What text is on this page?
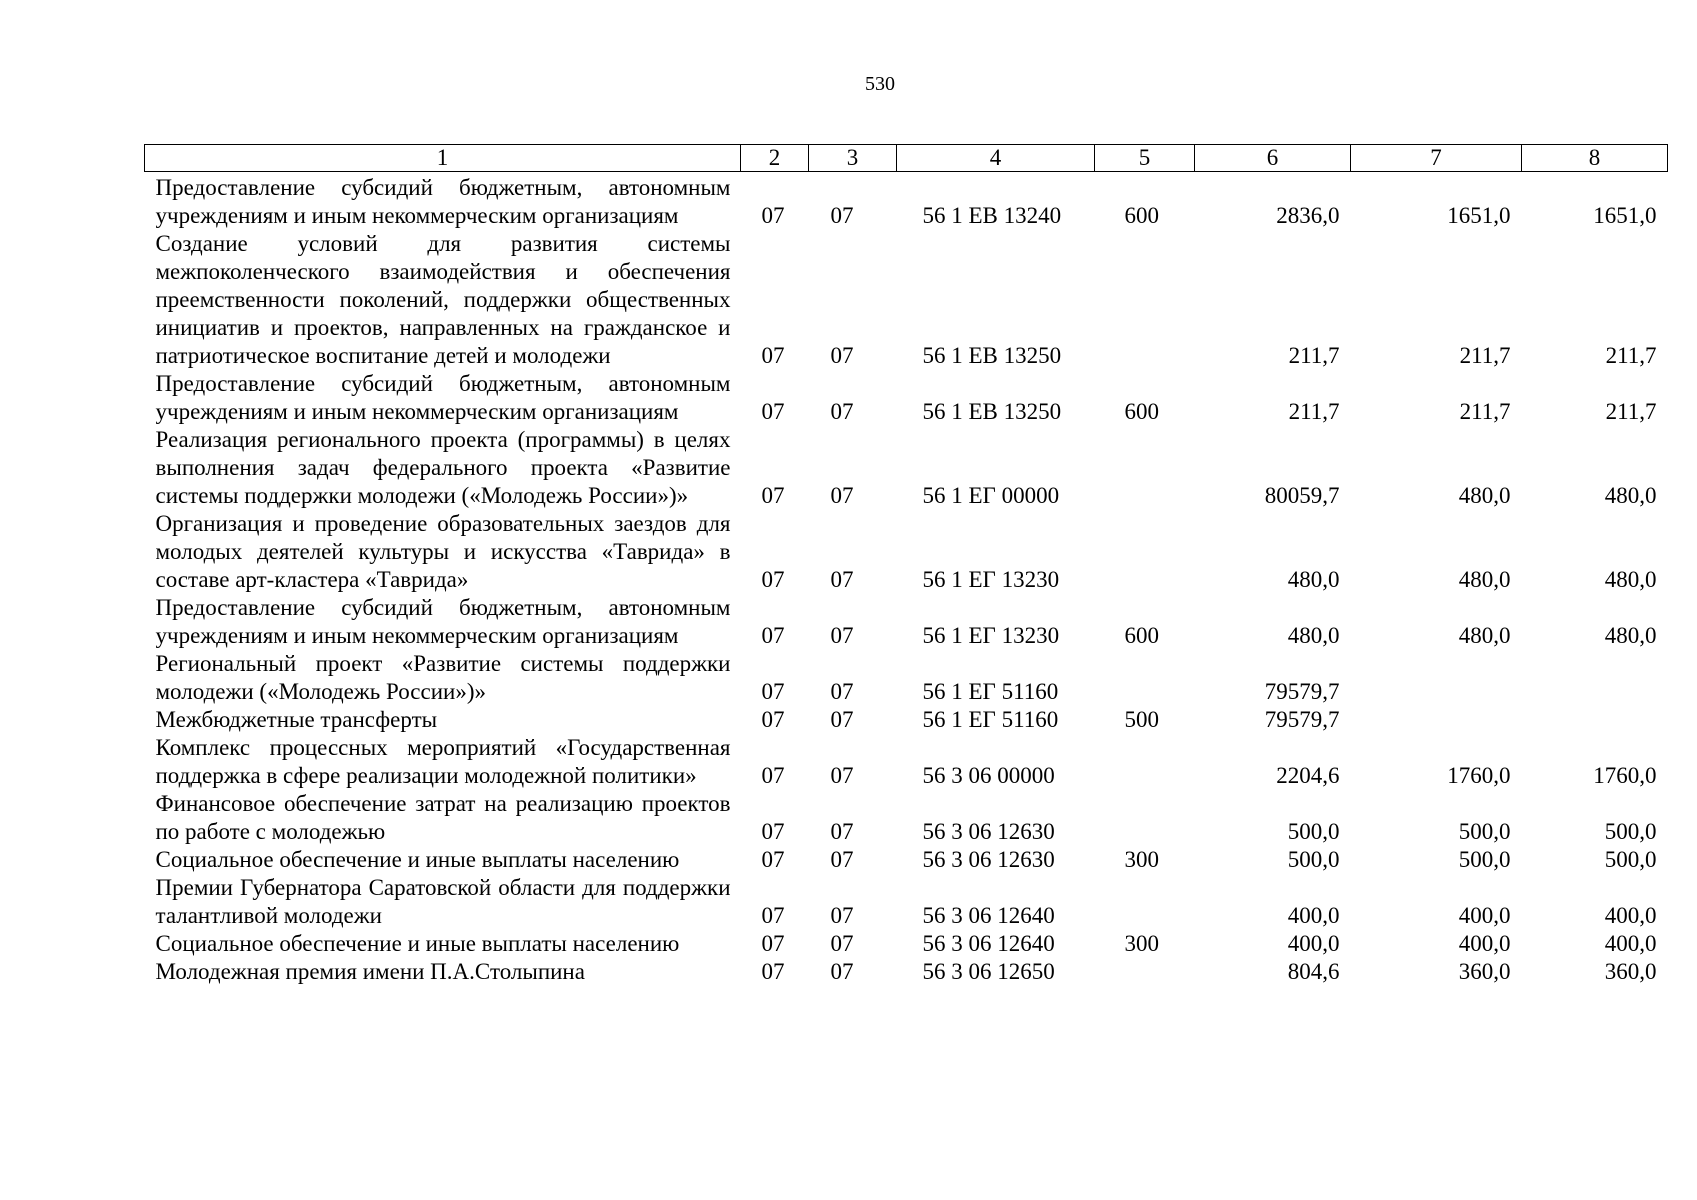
530
1	2	3	4	5	6	7	8
Предоставление субсидий бюджетным, автономным учреждениям и иным некоммерческим организациям	07	07	56 1 ЕВ 13240	600	2836,0	1651,0	1651,0
Создание условий для развития системы межпоколенческого взаимодействия и обеспечения преемственности поколений, поддержки общественных инициатив и проектов, направленных на гражданское и патриотическое воспитание детей и молодежи	07	07	56 1 ЕВ 13250		211,7	211,7	211,7
Предоставление субсидий бюджетным, автономным учреждениям и иным некоммерческим организациям	07	07	56 1 ЕВ 13250	600	211,7	211,7	211,7
Реализация регионального проекта (программы) в целях выполнения задач федерального проекта «Развитие системы поддержки молодежи («Молодежь России»)»	07	07	56 1 ЕГ 00000		80059,7	480,0	480,0
Организация и проведение образовательных заездов для молодых деятелей культуры и искусства «Таврида» в составе арт-кластера «Таврида»	07	07	56 1 ЕГ 13230		480,0	480,0	480,0
Предоставление субсидий бюджетным, автономным учреждениям и иным некоммерческим организациям	07	07	56 1 ЕГ 13230	600	480,0	480,0	480,0
Региональный проект «Развитие системы поддержки молодежи («Молодежь России»)»	07	07	56 1 ЕГ 51160		79579,7		
Межбюджетные трансферты	07	07	56 1 ЕГ 51160	500	79579,7		
Комплекс процессных мероприятий «Государственная поддержка в сфере реализации молодежной политики»	07	07	56 3 06 00000		2204,6	1760,0	1760,0
Финансовое обеспечение затрат на реализацию проектов по работе с молодежью	07	07	56 3 06 12630		500,0	500,0	500,0
Социальное обеспечение и иные выплаты населению	07	07	56 3 06 12630	300	500,0	500,0	500,0
Премии Губернатора Саратовской области для поддержки талантливой молодежи	07	07	56 3 06 12640		400,0	400,0	400,0
Социальное обеспечение и иные выплаты населению	07	07	56 3 06 12640	300	400,0	400,0	400,0
Молодежная премия имени П.А.Столыпина	07	07	56 3 06 12650		804,6	360,0	360,0
